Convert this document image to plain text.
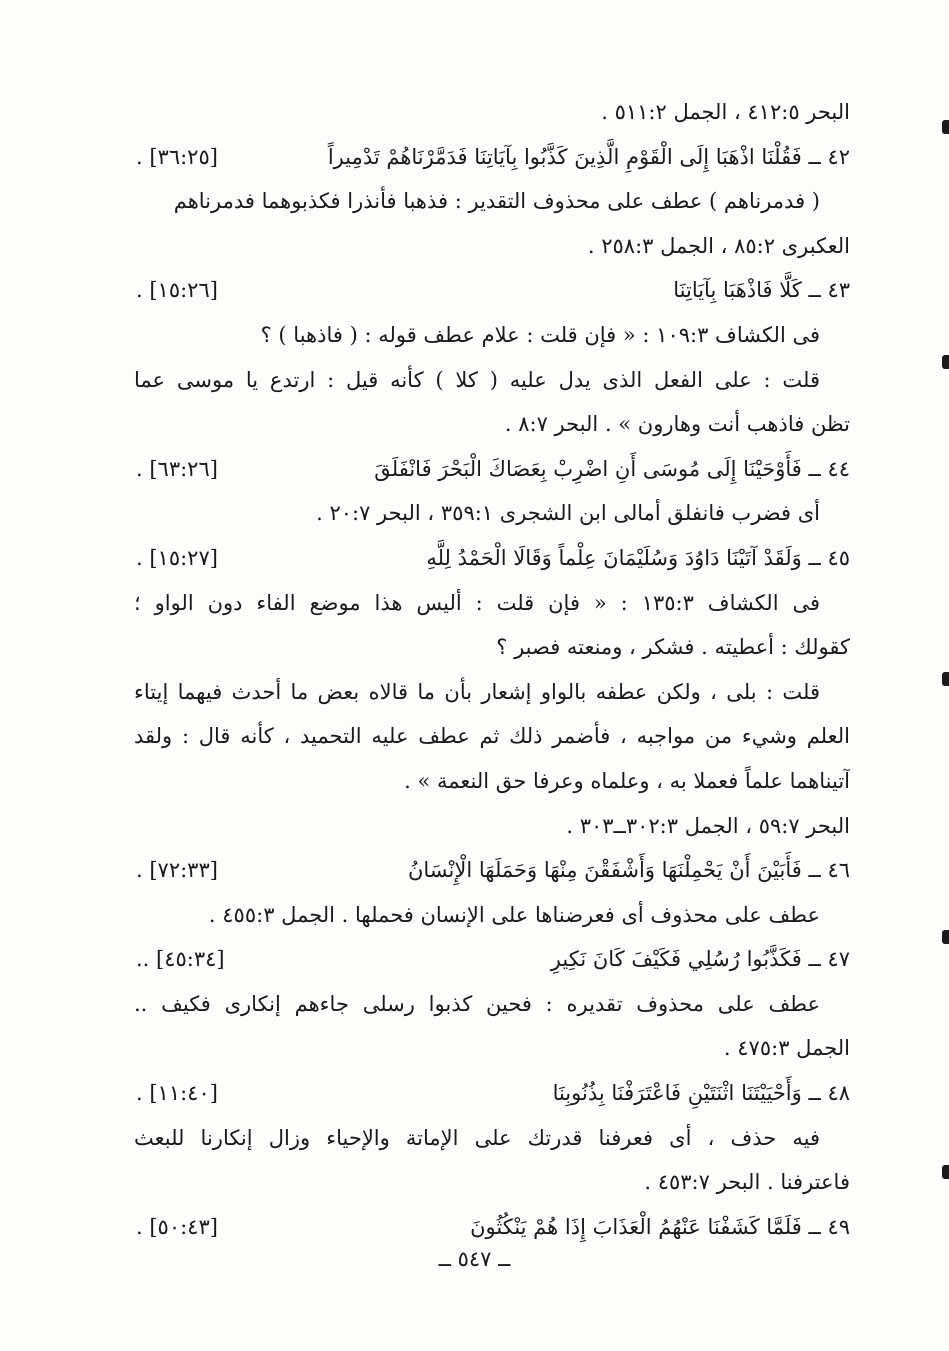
البحر ٤١٢:٥ ، الجمل ٥١١:٢ .
٤٢ ــ فَقُلْنَا اذْهَبَا إِلَى الْقَوْمِ الَّذِينَ كَذَّبُوا بِآيَاتِنَا فَدَمَّرْنَاهُمْ تَدْمِيراً
[٣٦:٢٥] .
( فدمرناهم ) عطف على محذوف التقدير : فذهبا فأنذرا فكذبوهما فدمرناهم
العكبرى ٨٥:٢ ، الجمل ٢٥٨:٣ .
٤٣ ــ كَلَّا فَاذْهَبَا بِآيَاتِنَا
[١٥:٢٦] .
فى الكشاف ١٠٩:٣ : « فإن قلت : علام عطف قوله : ( فاذهبا ) ؟
قلت : على الفعل الذى يدل عليه ( كلا ) كأنه قيل : ارتدع يا موسى عما
تظن فاذهب أنت وهارون » . البحر ٨:٧ .
٤٤ ــ فَأَوْحَيْنَا إِلَى مُوسَى أَنِ اضْرِبْ بِعَصَاكَ الْبَحْرَ فَانْفَلَقَ
[٦٣:٢٦] .
أى فضرب فانفلق أمالى ابن الشجرى ٣٥٩:١ ، البحر ٢٠:٧ .
٤٥ ــ وَلَقَدْ آتَيْنَا دَاوُدَ وَسُلَيْمَانَ عِلْماً وَقَالَا الْحَمْدُ لِلَّهِ
[١٥:٢٧] .
فى الكشاف ١٣٥:٣ : « فإن قلت : أليس هذا موضع الفاء دون الواو ؛
كقولك : أعطيته . فشكر ، ومنعته فصبر ؟
قلت : بلى ، ولكن عطفه بالواو إشعار بأن ما قالاه بعض ما أحدث فيهما إيتاء
العلم وشيء من مواجبه ، فأضمر ذلك ثم عطف عليه التحميد ، كأنه قال : ولقد
آتيناهما علماً فعملا به ، وعلماه وعرفا حق النعمة » .
البحر ٥٩:٧ ، الجمل ٣٠٢:٣ــ٣٠٣ .
٤٦ ــ فَأَبَيْنَ أَنْ يَحْمِلْنَهَا وَأَشْفَقْنَ مِنْهَا وَحَمَلَهَا الْإِنْسَانُ
[٧٢:٣٣] .
عطف على محذوف أى فعرضناها على الإنسان فحملها . الجمل ٤٥٥:٣ .
٤٧ ــ فَكَذَّبُوا رُسُلِي فَكَيْفَ كَانَ نَكِيرِ
[٤٥:٣٤] ..
عطف على محذوف تقديره : فحين كذبوا رسلى جاءهم إنكارى فكيف ..
الجمل ٤٧٥:٣ .
٤٨ ــ وَأَحْيَيْتَنَا اثْنَتَيْنِ فَاعْتَرَفْنَا بِذُنُوبِنَا
[١١:٤٠] .
فيه حذف ، أى فعرفنا قدرتك على الإماتة والإحياء وزال إنكارنا للبعث
فاعترفنا . البحر ٤٥٣:٧ .
٤٩ ــ فَلَمَّا كَشَفْنَا عَنْهُمُ الْعَذَابَ إِذَا هُمْ يَنْكُثُونَ
[٥٠:٤٣] .
ــ ٥٤٧ ــ
